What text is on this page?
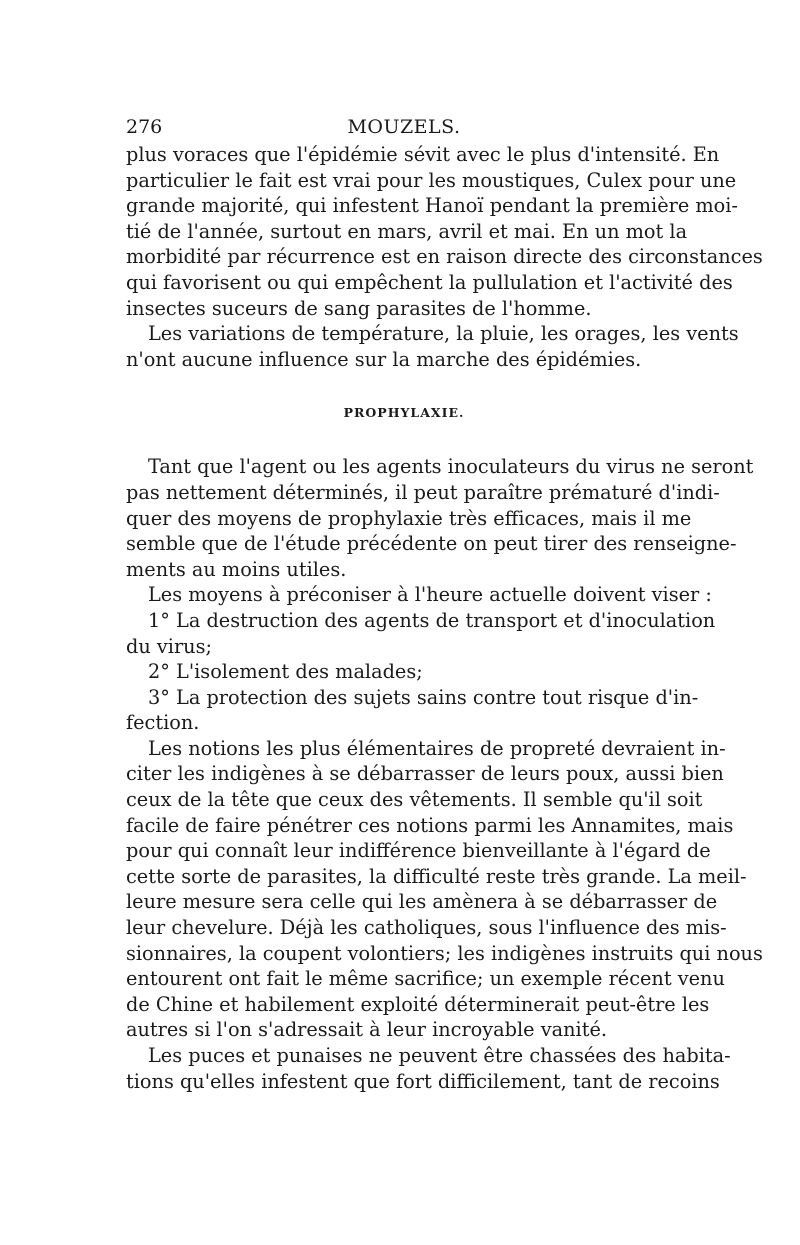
276	MOUZELS.

plus voraces que l'épidémie sévit avec le plus d'intensité. En
particulier le fait est vrai pour les moustiques, Culex pour une
grande majorité, qui infestent Hanoï pendant la première moi-
tié de l'année, surtout en mars, avril et mai. En un mot la
morbidité par récurrence est en raison directe des circonstances
qui favorisent ou qui empêchent la pullulation et l'activité des
insectes suceurs de sang parasites de l'homme.

Les variations de température, la pluie, les orages, les vents
n'ont aucune influence sur la marche des épidémies.

PROPHYLAXIE.

Tant que l'agent ou les agents inoculateurs du virus ne seront
pas nettement déterminés, il peut paraître prématuré d'indi-
quer des moyens de prophylaxie très efficaces, mais il me
semble que de l'étude précédente on peut tirer des renseigne-
ments au moins utiles.

Les moyens à préconiser à l'heure actuelle doivent viser :

1° La destruction des agents de transport et d'inoculation
du virus;

2° L'isolement des malades;

3° La protection des sujets sains contre tout risque d'in-
fection.

Les notions les plus élémentaires de propreté devraient in-
citer les indigènes à se débarrasser de leurs poux, aussi bien
ceux de la tête que ceux des vêtements. Il semble qu'il soit
facile de faire pénétrer ces notions parmi les Annamites, mais
pour qui connaît leur indifférence bienveillante à l'égard de
cette sorte de parasites, la difficulté reste très grande. La meil-
leure mesure sera celle qui les amènera à se débarrasser de
leur chevelure. Déjà les catholiques, sous l'influence des mis-
sionnaires, la coupent volontiers; les indigènes instruits qui nous
entourent ont fait le même sacrifice; un exemple récent venu
de Chine et habilement exploité déterminerait peut-être les
autres si l'on s'adressait à leur incroyable vanité.

Les puces et punaises ne peuvent être chassées des habita-
tions qu'elles infestent que fort difficilement, tant de recoins
